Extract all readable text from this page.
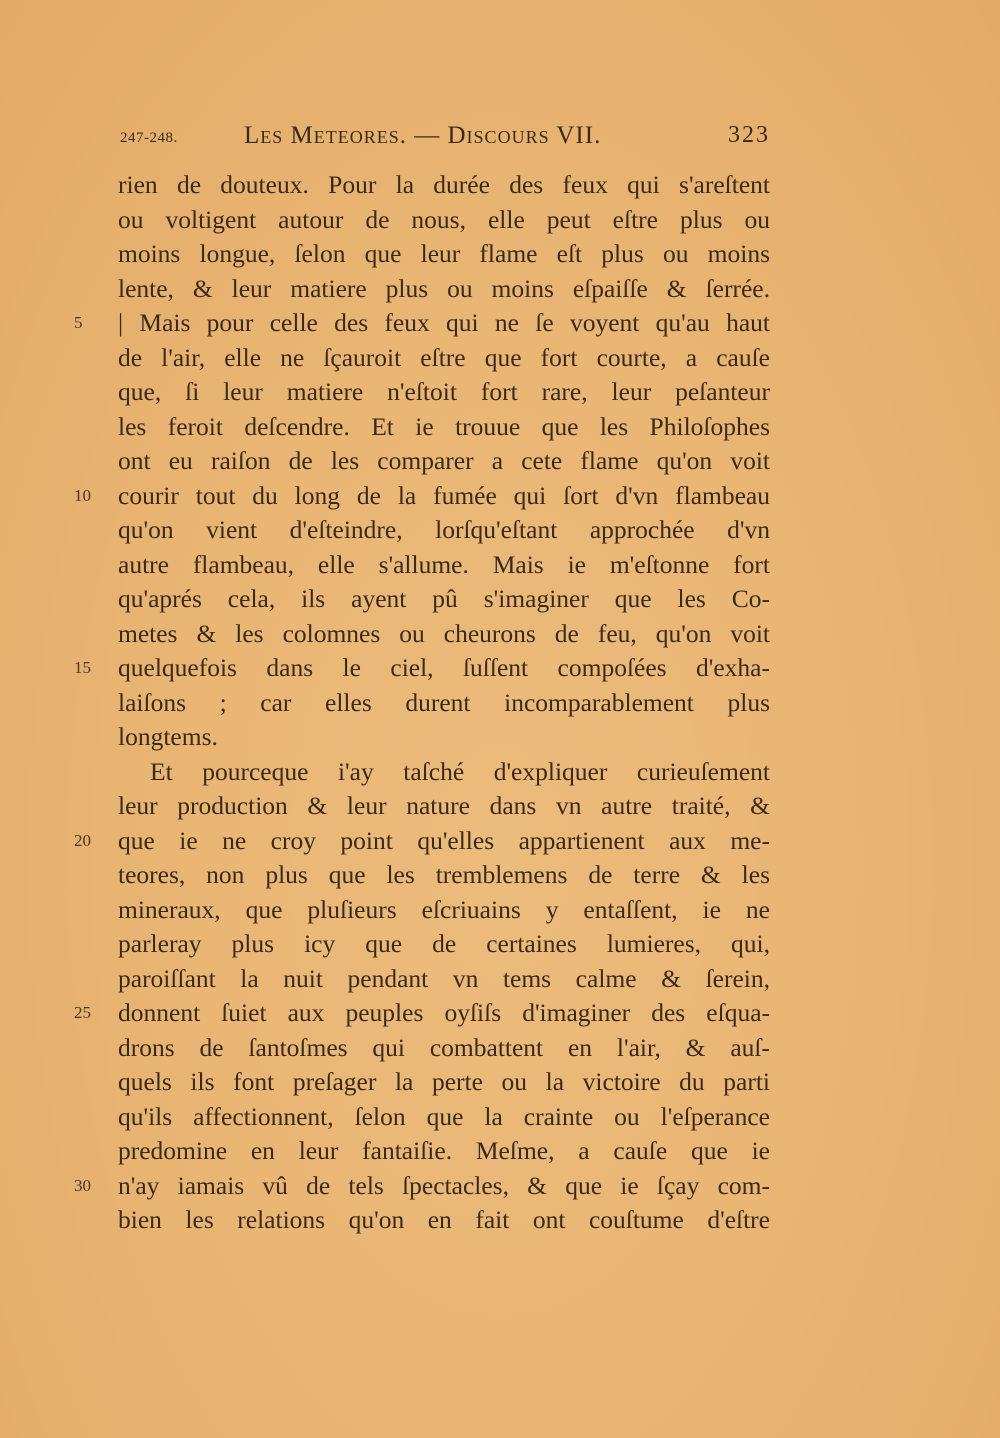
247-248.	Les Meteores. — Discours VII.	323
rien de douteux. Pour la durée des feux qui s'areſtent
ou voltigent autour de nous, elle peut eſtre plus ou
moins longue, ſelon que leur flame eſt plus ou moins
lente, & leur matiere plus ou moins eſpaiſſe & ſerrée.
5	| Mais pour celle des feux qui ne ſe voyent qu'au haut
de l'air, elle ne ſçauroit eſtre que fort courte, a cauſe
que, ſi leur matiere n'eſtoit fort rare, leur peſanteur
les feroit deſcendre. Et ie trouue que les Philoſophes
ont eu raiſon de les comparer a cete flame qu'on voit
10	courir tout du long de la fumée qui ſort d'vn flambeau
qu'on vient d'eſteindre, lorſqu'eſtant approchée d'vn
autre flambeau, elle s'allume. Mais ie m'eſtonne fort
qu'aprés cela, ils ayent pû s'imaginer que les Co-
metes & les colomnes ou cheurons de feu, qu'on voit
15	quelquefois dans le ciel, ſuſſent compoſées d'exha-
laiſons ; car elles durent incomparablement plus
longtems.
Et pourceque i'ay taſché d'expliquer curieuſement
leur production & leur nature dans vn autre traité, &
20	que ie ne croy point qu'elles appartienent aux me-
teores, non plus que les tremblemens de terre & les
mineraux, que pluſieurs eſcriuains y entaſſent, ie ne
parleray plus icy que de certaines lumieres, qui,
paroiſſant la nuit pendant vn tems calme & ſerein,
25	donnent ſuiet aux peuples oyſiſs d'imaginer des eſqua-
drons de ſantoſmes qui combattent en l'air, & auſ-
quels ils font preſager la perte ou la victoire du parti
qu'ils affectionnent, ſelon que la crainte ou l'eſperance
predomine en leur fantaiſie. Meſme, a cauſe que ie
30	n'ay iamais vû de tels ſpectacles, & que ie ſçay com-
bien les relations qu'on en fait ont couſtume d'eſtre
